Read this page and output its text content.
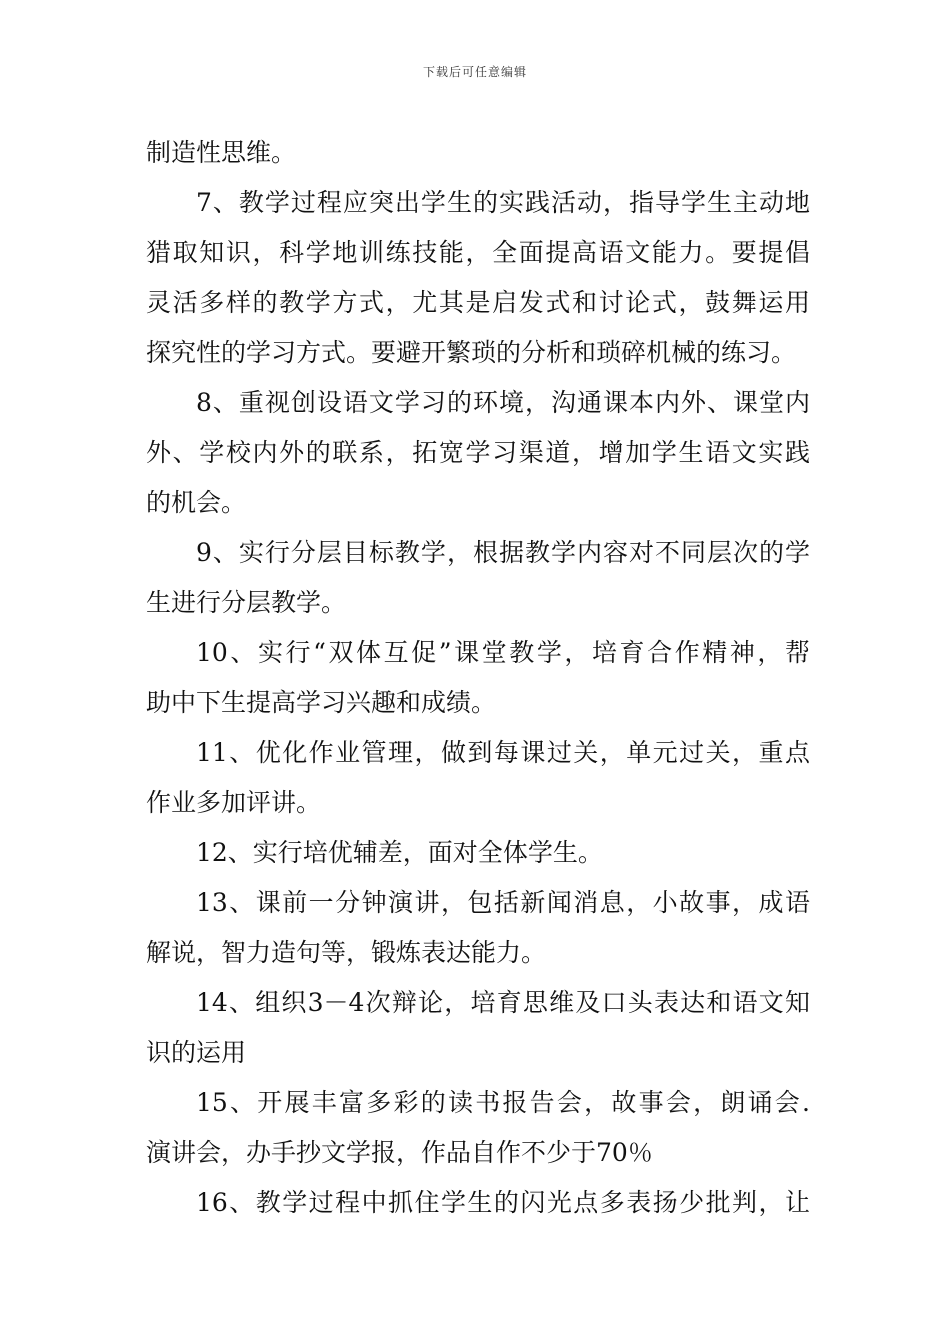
下载后可任意编辑
制造性思维。
7、教学过程应突出学生的实践活动，指导学生主动地
猎取知识，科学地训练技能，全面提高语文能力。要提倡
灵活多样的教学方式，尤其是启发式和讨论式，鼓舞运用
探究性的学习方式。要避开繁琐的分析和琐碎机械的练习。
8、重视创设语文学习的环境，沟通课本内外、课堂内
外、学校内外的联系，拓宽学习渠道，增加学生语文实践
的机会。
9、实行分层目标教学，根据教学内容对不同层次的学
生进行分层教学。
10、实行“双体互促”课堂教学，培育合作精神，帮
助中下生提高学习兴趣和成绩。
11、优化作业管理，做到每课过关，单元过关，重点
作业多加评讲。
12、实行培优辅差，面对全体学生。
13、课前一分钟演讲，包括新闻消息，小故事，成语
解说，智力造句等，锻炼表达能力。
14、组织3－4次辩论，培育思维及口头表达和语文知
识的运用
15、开展丰富多彩的读书报告会，故事会，朗诵会.
演讲会，办手抄文学报，作品自作不少于70％
16、教学过程中抓住学生的闪光点多表扬少批判，让
